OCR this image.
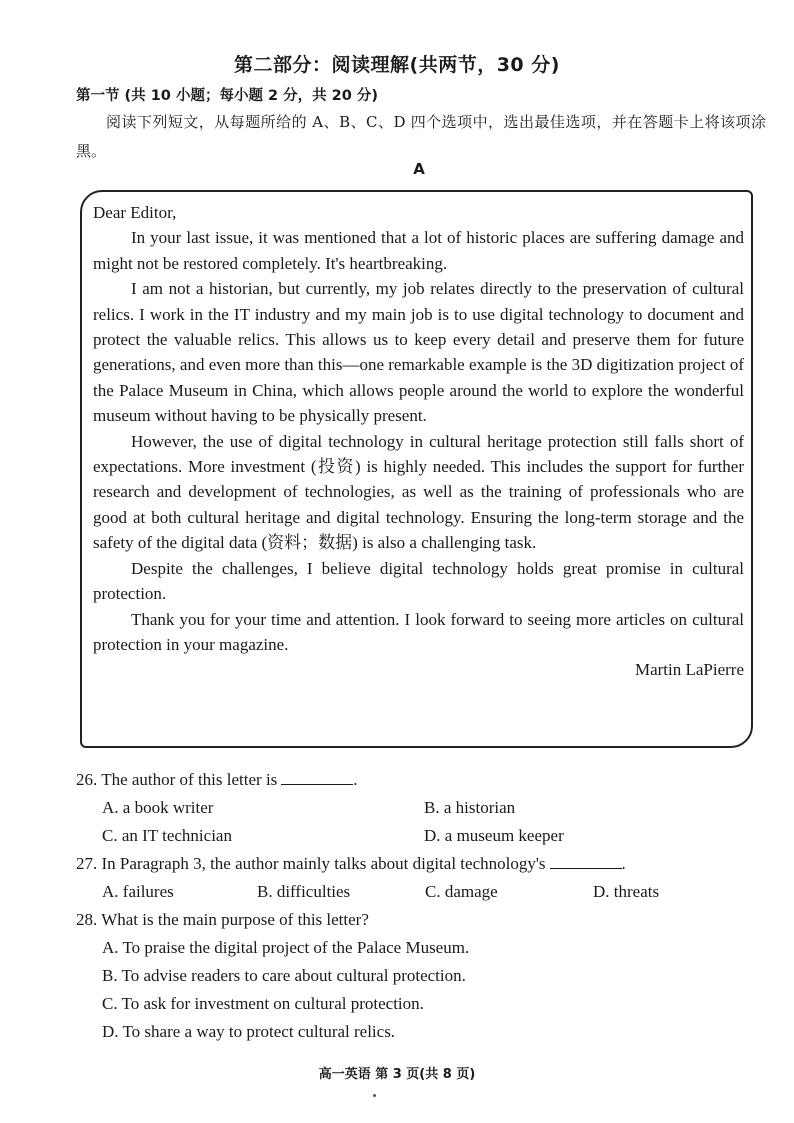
第二部分：阅读理解(共两节，30 分)
第一节 (共 10 小题；每小题 2 分，共 20 分)
阅读下列短文，从每题所给的 A、B、C、D 四个选项中，选出最佳选项，并在答题卡上将该项涂黑。
A

Dear Editor,

In your last issue, it was mentioned that a lot of historic places are suffering damage and might not be restored completely. It's heartbreaking.

I am not a historian, but currently, my job relates directly to the preservation of cultural relics. I work in the IT industry and my main job is to use digital technology to document and protect the valuable relics. This allows us to keep every detail and preserve them for future generations, and even more than this—one remarkable example is the 3D digitization project of the Palace Museum in China, which allows people around the world to explore the wonderful museum without having to be physically present.

However, the use of digital technology in cultural heritage protection still falls short of expectations. More investment (投资) is highly needed. This includes the support for further research and development of technologies, as well as the training of professionals who are good at both cultural heritage and digital technology. Ensuring the long-term storage and the safety of the digital data (资料；数据) is also a challenging task.

Despite the challenges, I believe digital technology holds great promise in cultural protection.

Thank you for your time and attention. I look forward to seeing more articles on cultural protection in your magazine.

Martin LaPierre

26. The author of this letter is	.
A. a book writer	B. a historian
C. an IT technician	D. a museum keeper
27. In Paragraph 3, the author mainly talks about digital technology's	.
A. failures	B. difficulties	C. damage	D. threats
28. What is the main purpose of this letter?
A. To praise the digital project of the Palace Museum.
B. To advise readers to care about cultural protection.
C. To ask for investment on cultural protection.
D. To share a way to protect cultural relics.
高一英语 第 3 页(共 8 页)
